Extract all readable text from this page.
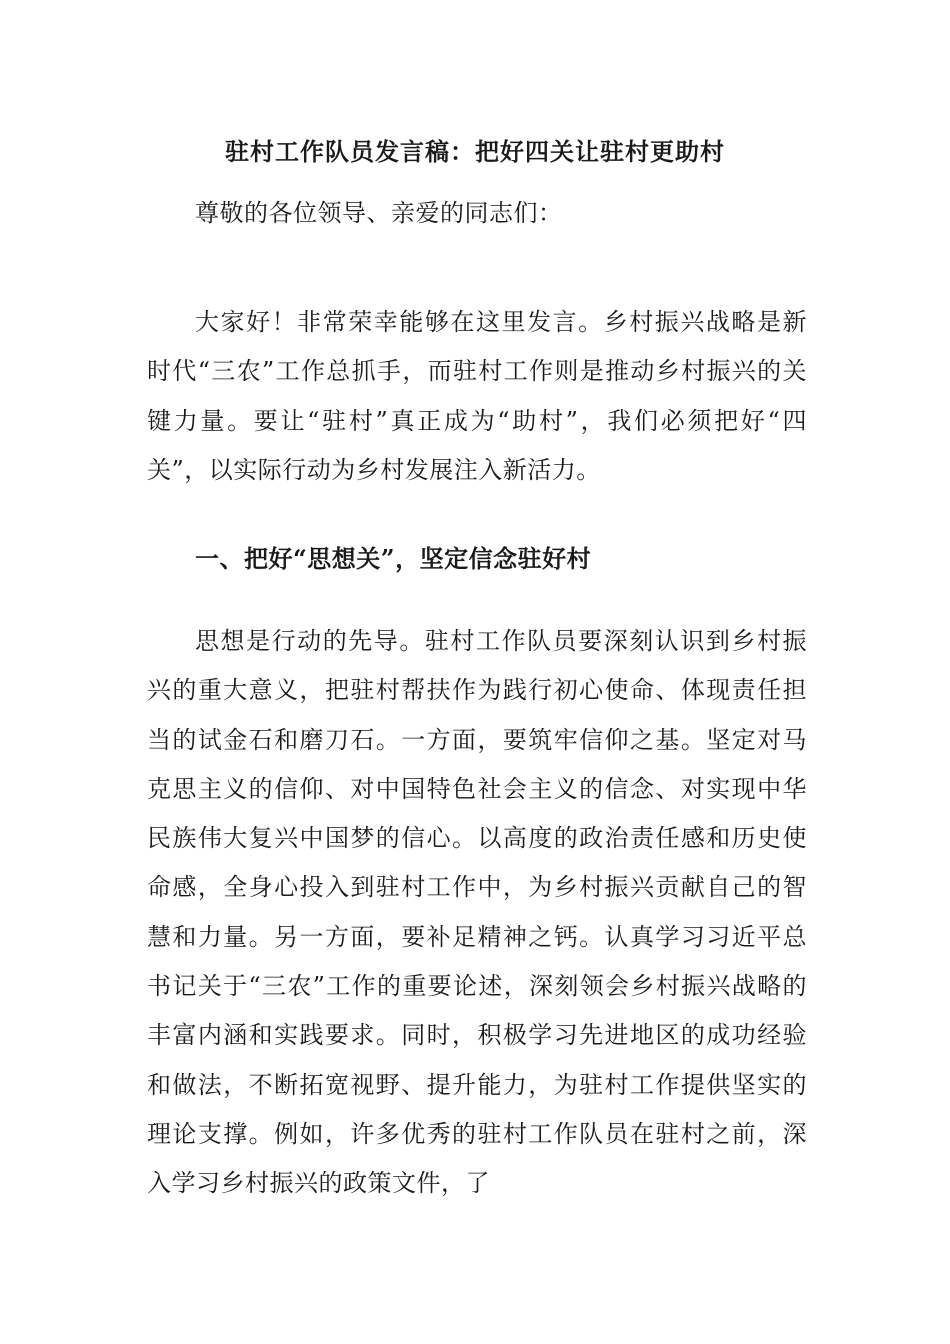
驻村工作队员发言稿：把好四关让驻村更助村
尊敬的各位领导、亲爱的同志们：
大家好！非常荣幸能够在这里发言。乡村振兴战略是新时代“三农”工作总抓手，而驻村工作则是推动乡村振兴的关键力量。要让“驻村”真正成为“助村”，我们必须把好“四关”，以实际行动为乡村发展注入新活力。
一、把好“思想关”，坚定信念驻好村
思想是行动的先导。驻村工作队员要深刻认识到乡村振兴的重大意义，把驻村帮扶作为践行初心使命、体现责任担当的试金石和磨刀石。一方面，要筑牢信仰之基。坚定对马克思主义的信仰、对中国特色社会主义的信念、对实现中华民族伟大复兴中国梦的信心。以高度的政治责任感和历史使命感，全身心投入到驻村工作中，为乡村振兴贡献自己的智慧和力量。另一方面，要补足精神之钙。认真学习习近平总书记关于“三农”工作的重要论述，深刻领会乡村振兴战略的丰富内涵和实践要求。同时，积极学习先进地区的成功经验和做法，不断拓宽视野、提升能力，为驻村工作提供坚实的理论支撑。例如，许多优秀的驻村工作队员在驻村之前，深入学习乡村振兴的政策文件，了
